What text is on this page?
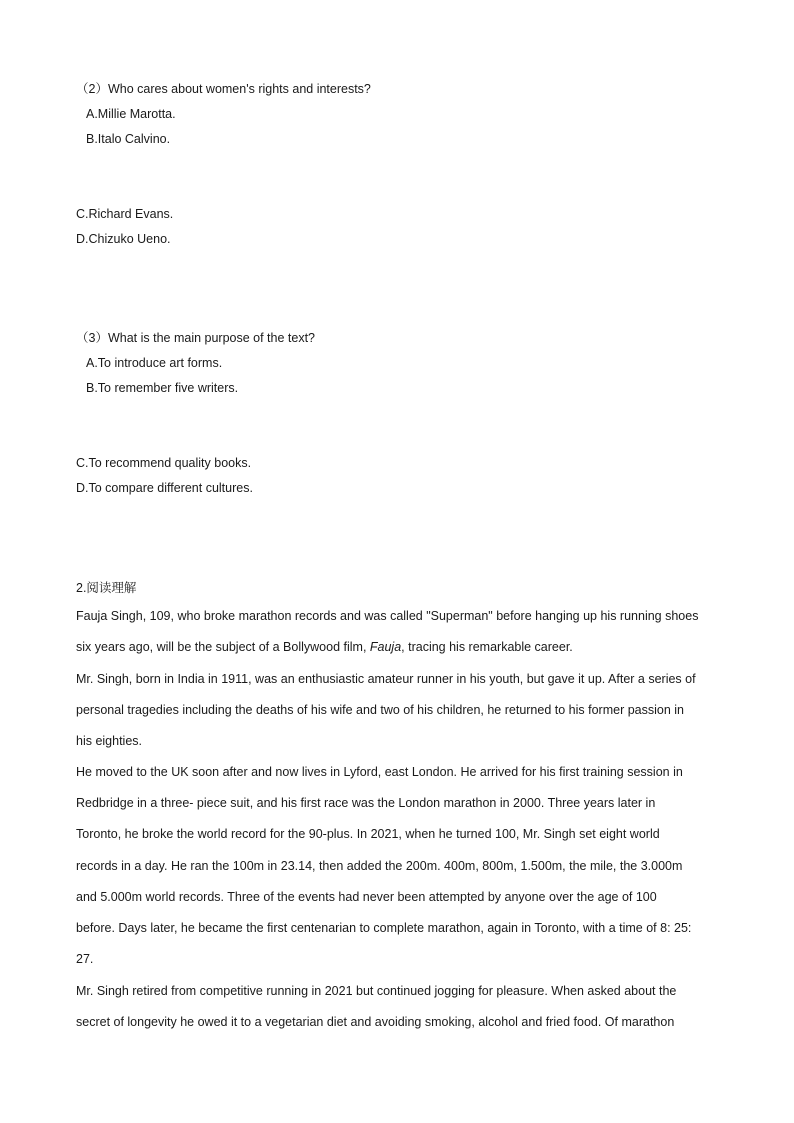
（2）Who cares about women's rights and interests?
A.Millie Marotta.
B.Italo Calvino.
C.Richard Evans.
D.Chizuko Ueno.
（3）What is the main purpose of the text?
A.To introduce art forms.
B.To remember five writers.
C.To recommend quality books.
D.To compare different cultures.
2.阅读理解
Fauja Singh, 109, who broke marathon records and was called "Superman" before hanging up his running shoes
six years ago, will be the subject of a Bollywood film, Fauja, tracing his remarkable career.
Mr. Singh, born in India in 1911, was an enthusiastic amateur runner in his youth, but gave it up. After a series of
personal tragedies including the deaths of his wife and two of his children, he returned to his former passion in
his eighties.
He moved to the UK soon after and now lives in Lyford, east London. He arrived for his first training session in
Redbridge in a three- piece suit, and his first race was the London marathon in 2000. Three years later in
Toronto, he broke the world record for the 90-plus. In 2021, when he turned 100, Mr. Singh set eight world
records in a day. He ran the 100m in 23.14, then added the 200m. 400m, 800m, 1.500m, the mile, the 3.000m
and 5.000m world records. Three of the events had never been attempted by anyone over the age of 100
before. Days later, he became the first centenarian to complete marathon, again in Toronto, with a time of 8: 25:
27.
Mr. Singh retired from competitive running in 2021 but continued jogging for pleasure. When asked about the
secret of longevity he owed it to a vegetarian diet and avoiding smoking, alcohol and fried food. Of marathon
